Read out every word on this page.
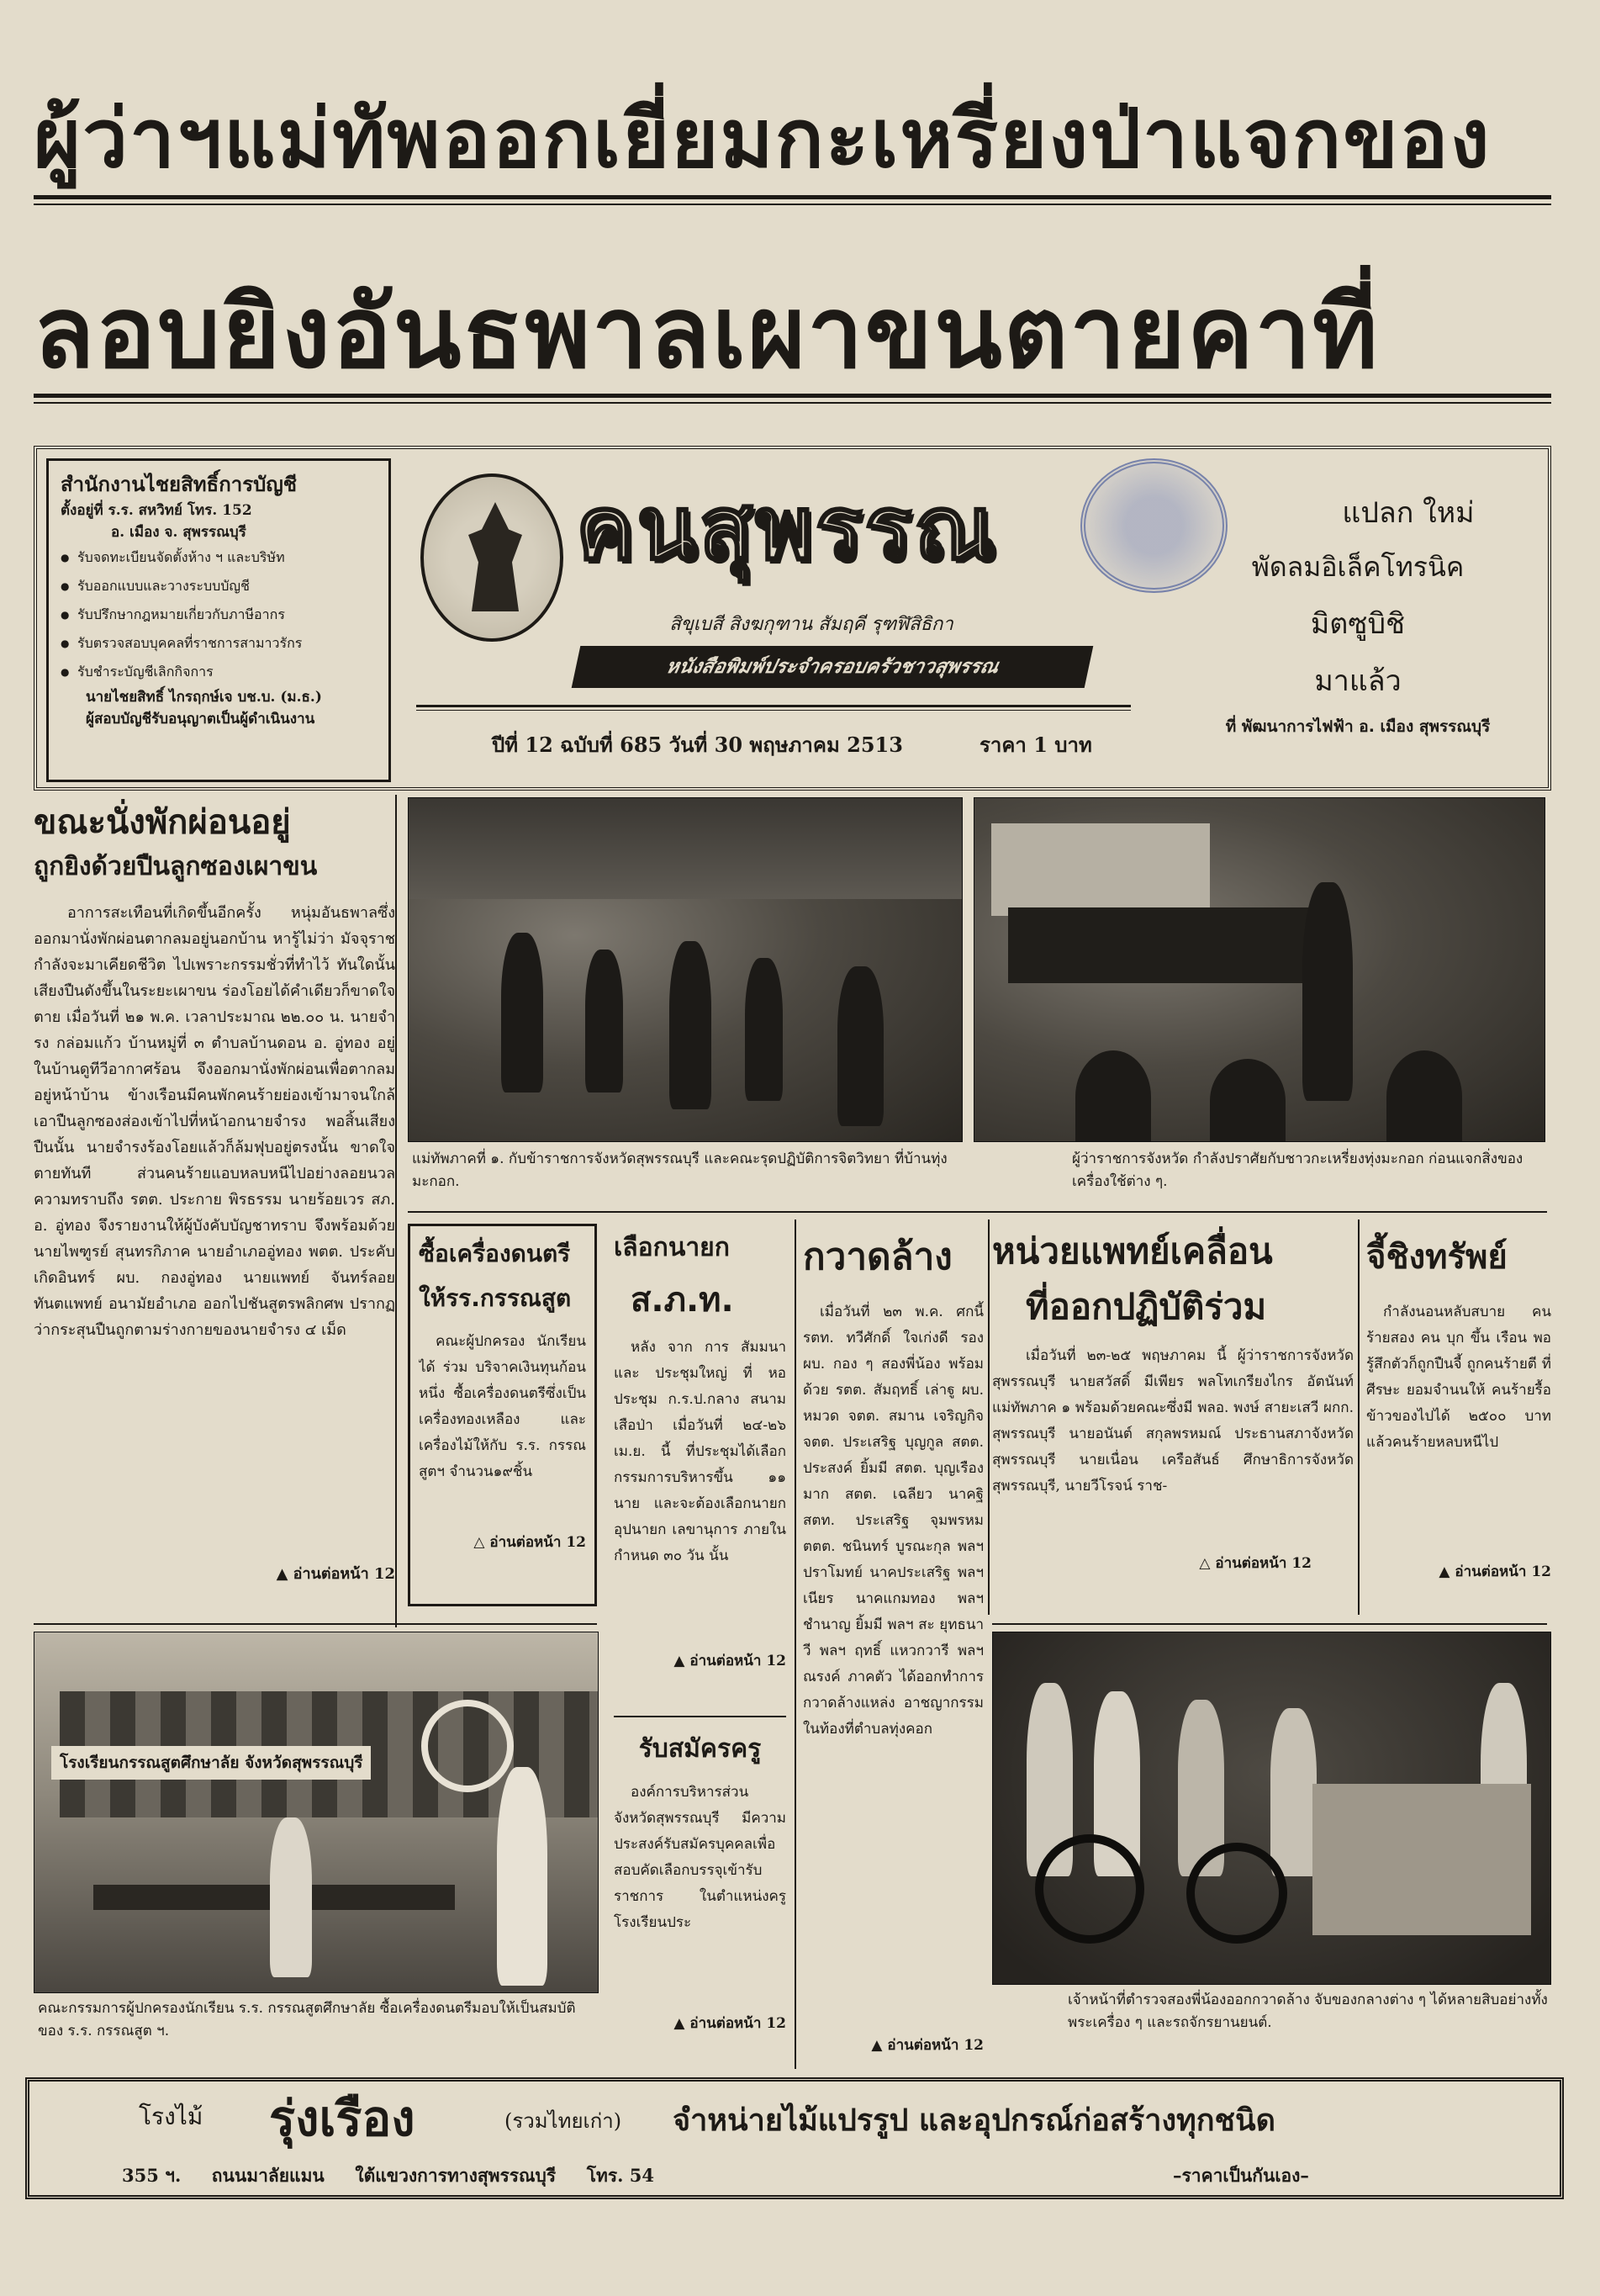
ผู้ว่าฯแม่ทัพออกเยี่ยมกะเหรี่ยงป่าแจกของ
ลอบยิงอันธพาลเผาขนตายคาที่
สำนักงานไชยสิทธิ์การบัญชี
ตั้งอยู่ที่ ร.ร. สหวิทย์ โทร. 152
อ. เมือง จ. สุพรรณบุรี
● รับจดทะเบียนจัดตั้งห้าง ฯ และบริษัท
● รับออกแบบและวางระบบบัญชี
● รับปรึกษากฎหมายเกี่ยวกับภาษีอากร
● รับตรวจสอบบุคคลที่ราชการสามาวรักร
● รับชำระบัญชีเลิกกิจการ
นายไชยสิทธิ์ ไกรฤกษ์เจ บช.บ. (ม.ธ.)
ผู้สอบบัญชีรับอนุญาตเป็นผู้ดำเนินงาน
คนสุพรรณ
สิขุเบสี สิงฆกุฑาน สัมฤคี รุฑฬิสิธิกา
หนังสือพิมพ์ประจำครอบครัวชาวสุพรรณ
ปีที่ 12 ฉบับที่ 685 วันที่ 30 พฤษภาคม 2513	ราคา 1 บาท
แปลก ใหม่
พัดลมอิเล็คโทรนิค
มิตซูบิชิ
มาแล้ว
ที่ พัฒนาการไฟฟ้า อ. เมือง สุพรรณบุรี
ขณะนั่งพักผ่อนอยู่
ถูกยิงด้วยปืนลูกซองเผาขน
อาการสะเทือนที่เกิดขึ้นอีกครั้ง หนุ่มอันธพาลซึ่งออกมานั่งพักผ่อนตากลมอยู่นอกบ้าน หารู้ไม่ว่า มัจจุราช กำลังจะมาเคียดชีวิต ไปเพราะกรรมชั่วที่ทำไว้ ทันใดนั้นเสียงปืนดังขึ้นในระยะเผาขน ร่องโอยได้คำเดียวก็ขาดใจตาย เมื่อวันที่ ๒๑ พ.ค. เวลาประมาณ ๒๒.๐๐ น. นายจำรง กล่อมแก้ว บ้านหมู่ที่ ๓ ตำบลบ้านดอน อ. อู่ทอง อยู่ในบ้านดูทีวีอากาศร้อน จึงออกมานั่งพักผ่อนเพื่อตากลมอยู่หน้าบ้าน ข้างเรือนมีคนพักคนร้ายย่องเข้ามาจนใกล้ เอาปืนลูกซองส่องเข้าไปที่หน้าอกนายจำรง พอสิ้นเสียงปืนนั้น นายจำรงร้องโอยแล้วก็ล้มฟุบอยู่ตรงนั้น ขาดใจตายทันที ส่วนคนร้ายแอบหลบหนีไปอย่างลอยนวล ความทราบถึง รตต. ประกาย พิรธรรม นายร้อยเวร สภ. อ. อู่ทอง จึงรายงานให้ผู้บังคับบัญชาทราบ จึงพร้อมด้วยนายไพฑูรย์ สุนทรกิภาค นายอำเภออู่ทอง พตต. ประคับ เกิดอินทร์ ผบ. กองอู่ทอง นายแพทย์ จันทร์ลอย ทันตแพทย์ อนามัยอำเภอ ออกไปชันสูตรพลิกศพ ปรากฏว่ากระสุนปืนถูกตามร่างกายของนายจำรง ๔ เม็ด
▲ อ่านต่อหน้า 12
แม่ทัพภาคที่ ๑. กับข้าราชการจังหวัดสุพรรณบุรี และคณะรุดปฏิบัติการจิตวิทยา ที่บ้านทุ่งมะกอก.
ผู้ว่าราชการจังหวัด กำลังปราศัยกับชาวกะเหรี่ยงทุ่งมะกอก ก่อนแจกสิ่งของเครื่องใช้ต่าง ๆ.
ซื้อเครื่องดนตรี
ให้รร.กรรณสูต
คณะผู้ปกครอง นักเรียนได้ ร่วม บริจาคเงินทุนก้อนหนึ่ง ซื้อเครื่องดนตรีซึ่งเป็นเครื่องทองเหลือง และเครื่องไม้ให้กับ ร.ร. กรรณสูตฯ จำนวน๑๙ชิ้น
△ อ่านต่อหน้า 12
เลือกนายก
ส.ภ.ท.
หลัง จาก การ สัมมนา และ ประชุมใหญ่ ที่ หอประชุม ก.ร.ป.กลาง สนามเสือป่า เมื่อวันที่ ๒๔-๒๖ เม.ย. นี้ ที่ประชุมได้เลือกกรรมการบริหารขึ้น ๑๑ นาย และจะต้องเลือกนายก อุปนายก เลขานุการ ภายในกำหนด ๓๐ วัน นั้น
▲ อ่านต่อหน้า 12
รับสมัครครู
องค์การบริหารส่วนจังหวัดสุพรรณบุรี มีความประสงค์รับสมัครบุคคลเพื่อสอบคัดเลือกบรรจุเข้ารับราชการ ในตำแหน่งครูโรงเรียนประ
▲ อ่านต่อหน้า 12
กวาดล้าง
เมื่อวันที่ ๒๓ พ.ค. ศกนี้ รตท. ทวีศักดิ์ ใจเก่งดี รอง ผบ. กอง ๆ สองพี่น้อง พร้อมด้วย รตต. สัมฤทธิ์ เล่าฐู ผบ. หมวด จตต. สมาน เจริญกิจ จตต. ประเสริฐ บุญกูล สตต. ประสงค์ ยิ้มมี สตต. บุญเรืองมาก สตต. เฉลียว นาคฐิ สตท. ประเสริฐ จุมพรหม ตตต. ชนินทร์ บูรณะกุล พลฯ ปราโมทย์ นาคประเสริฐ พลฯ เนียร นาคแกมทอง พลฯ ชำนาญ ยิ้มมี พลฯ สะ ยุทธนาวี พลฯ ฤทธิ์ แหวกวารี พลฯ ณรงค์ ภาคตัว ได้ออกทำการกวาดล้างแหล่ง อาชญากรรมในท้องที่ตำบลทุ่งคอก
▲ อ่านต่อหน้า 12
หน่วยแพทย์เคลื่อน
ที่ออกปฏิบัติร่วม
เมื่อวันที่ ๒๓-๒๕ พฤษภาคม นี้ ผู้ว่าราชการจังหวัดสุพรรณบุรี นายสวัสดิ์ มีเพียร พลโทเกรียงไกร อัตนันท์ แม่ทัพภาค ๑ พร้อมด้วยคณะซึ่งมี พลอ. พงษ์ สายะเสวี ผกก. สุพรรณบุรี นายอนันต์ สกุลพรหมณ์ ประธานสภาจังหวัดสุพรรณบุรี นายเนื่อน เครือสันธ์ ศึกษาธิการจังหวัดสุพรรณบุรี, นายวีโรจน์ ราช-
△ อ่านต่อหน้า 12
จี้ชิงทรัพย์
กำลังนอนหลับสบาย คน ร้ายสอง คน บุก ขึ้น เรือน พอรู้สึกตัวก็ถูกปืนจี้ ถูกคนร้ายตี ที่ศีรษะ ยอมจำนนให้ คนร้ายรื้อข้าวของไปได้ ๒๕๐๐ บาท แล้วคนร้ายหลบหนีไป
▲ อ่านต่อหน้า 12
โรงเรียนกรรณสูตศึกษาลัย จังหวัดสุพรรณบุรี
คณะกรรมการผู้ปกครองนักเรียน ร.ร. กรรณสูตศึกษาลัย ซื้อเครื่องดนตรีมอบให้เป็นสมบัติของ ร.ร. กรรณสูต ฯ.
เจ้าหน้าที่ตำรวจสองพี่น้องออกกวาดล้าง จับของกลางต่าง ๆ ได้หลายสิบอย่างทั้งพระเครื่อง ๆ และรถจักรยานยนต์.
โรงไม้	รุ่งเรือง	(รวมไทยเก่า)	จำหน่ายไม้แปรรูป และอุปกรณ์ก่อสร้างทุกชนิด
355 ฯ.     ถนนมาลัยแมน     ใต้แขวงการทางสุพรรณบุรี     โทร. 54	–ราคาเป็นกันเอง–
